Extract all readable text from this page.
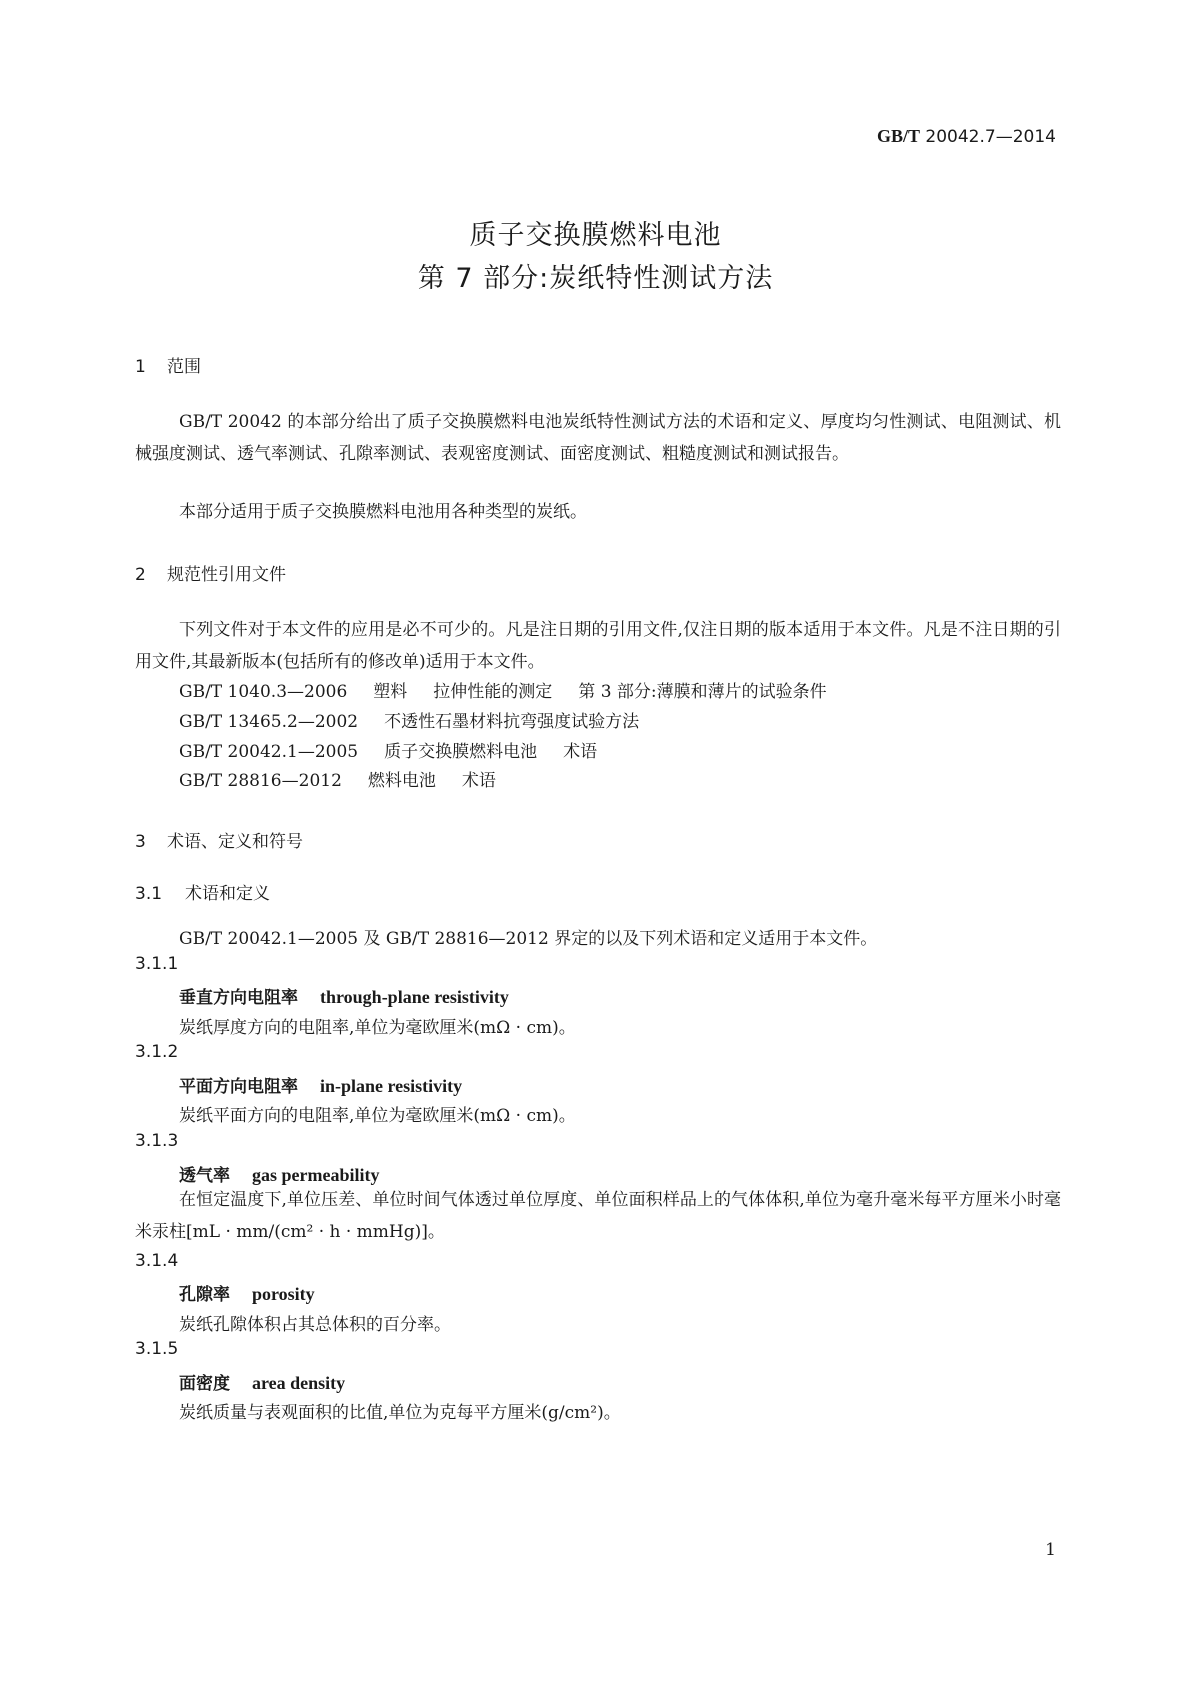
GB/T 20042.7—2014
质子交换膜燃料电池
第 7 部分:炭纸特性测试方法
1 范围
GB/T 20042 的本部分给出了质子交换膜燃料电池炭纸特性测试方法的术语和定义、厚度均匀性测试、电阻测试、机械强度测试、透气率测试、孔隙率测试、表观密度测试、面密度测试、粗糙度测试和测试报告。
本部分适用于质子交换膜燃料电池用各种类型的炭纸。
2 规范性引用文件
下列文件对于本文件的应用是必不可少的。凡是注日期的引用文件,仅注日期的版本适用于本文件。凡是不注日期的引用文件,其最新版本(包括所有的修改单)适用于本文件。
GB/T 1040.3—2006 塑料 拉伸性能的测定 第 3 部分:薄膜和薄片的试验条件
GB/T 13465.2—2002 不透性石墨材料抗弯强度试验方法
GB/T 20042.1—2005 质子交换膜燃料电池 术语
GB/T 28816—2012 燃料电池 术语
3 术语、定义和符号
3.1 术语和定义
GB/T 20042.1—2005 及 GB/T 28816—2012 界定的以及下列术语和定义适用于本文件。
3.1.1
垂直方向电阻率 through-plane resistivity
炭纸厚度方向的电阻率,单位为毫欧厘米(mΩ · cm)。
3.1.2
平面方向电阻率 in-plane resistivity
炭纸平面方向的电阻率,单位为毫欧厘米(mΩ · cm)。
3.1.3
透气率 gas permeability
在恒定温度下,单位压差、单位时间气体透过单位厚度、单位面积样品上的气体体积,单位为毫升毫米每平方厘米小时毫米汞柱[mL · mm/(cm² · h · mmHg)]。
3.1.4
孔隙率 porosity
炭纸孔隙体积占其总体积的百分率。
3.1.5
面密度 area density
炭纸质量与表观面积的比值,单位为克每平方厘米(g/cm²)。
1
